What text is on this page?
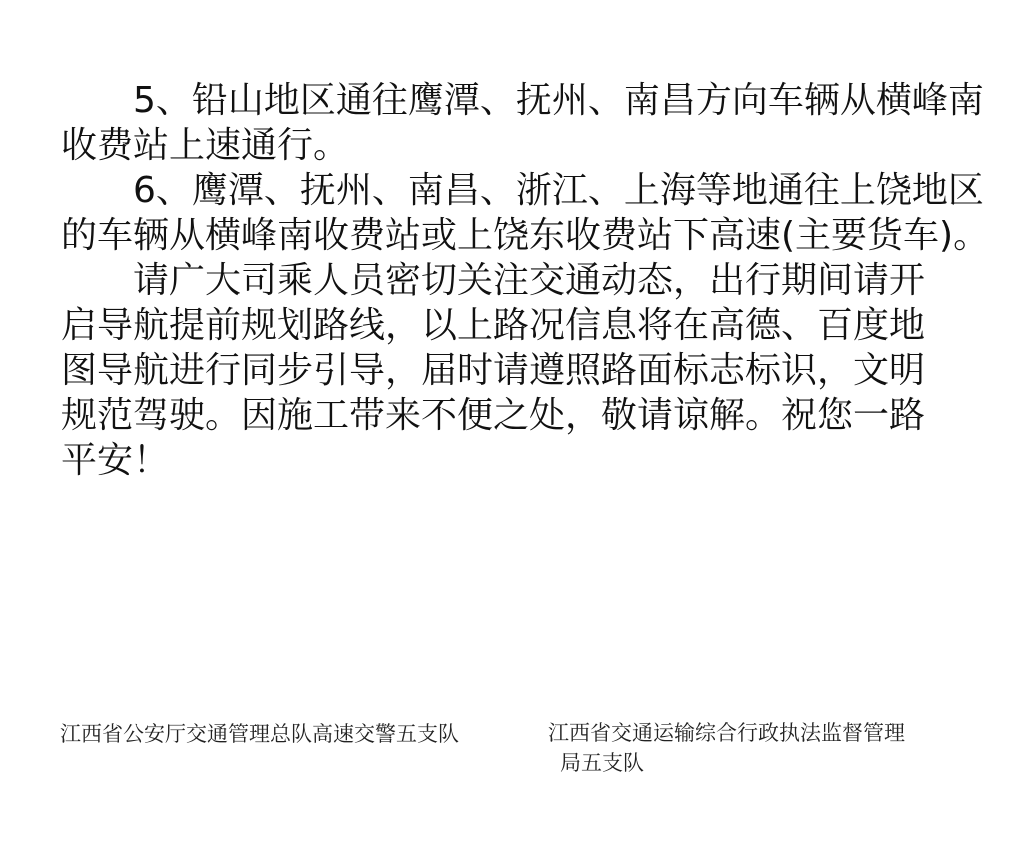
5、铅山地区通往鹰潭、抚州、南昌方向车辆从横峰南
收费站上速通行。
6、鹰潭、抚州、南昌、浙江、上海等地通往上饶地区
的车辆从横峰南收费站或上饶东收费站下高速(主要货车)。
请广大司乘人员密切关注交通动态，出行期间请开
启导航提前规划路线，以上路况信息将在高德、百度地
图导航进行同步引导，届时请遵照路面标志标识，文明
规范驾驶。因施工带来不便之处，敬请谅解。祝您一路
平安！
江西省公安厅交通管理总队高速交警五支队	江西省交通运输综合行政执法监督管理
局五支队
